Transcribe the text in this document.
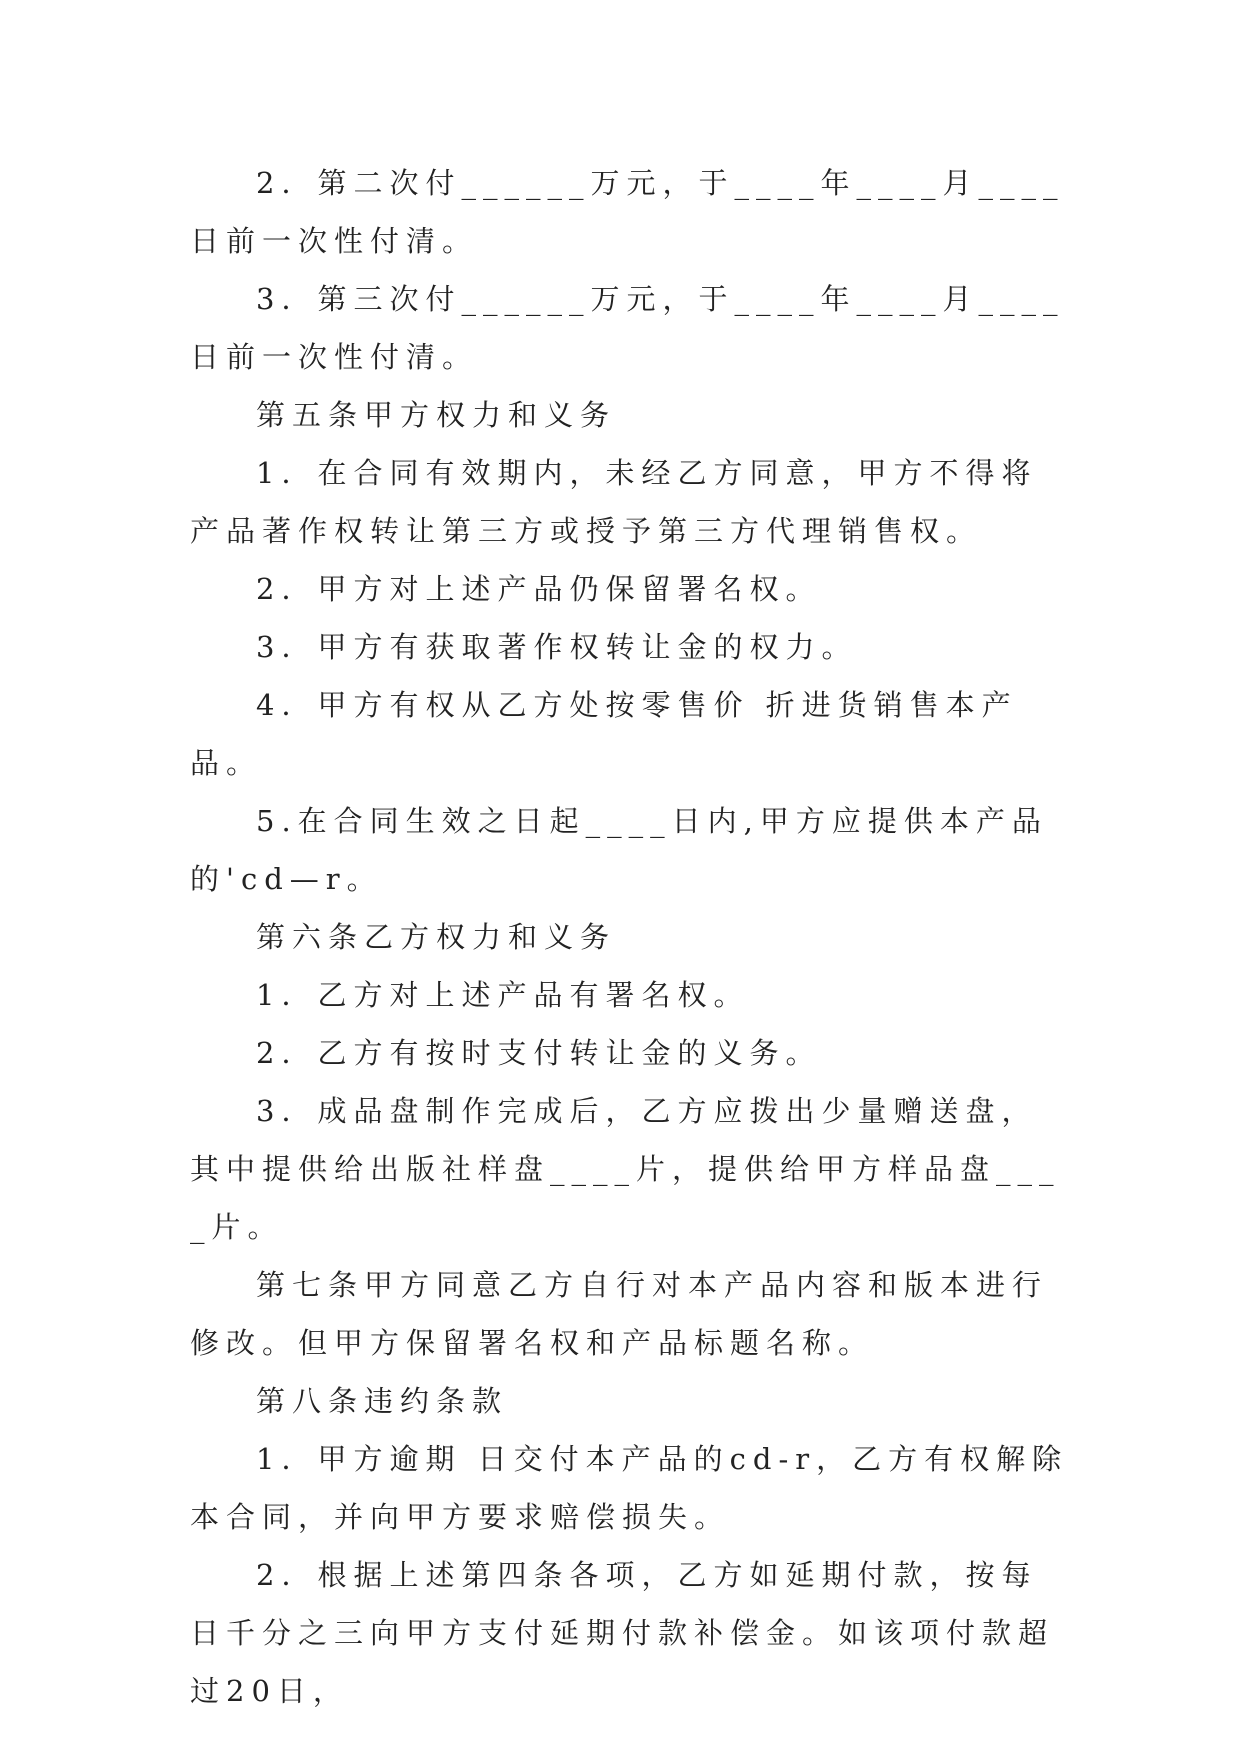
2．第二次付______万元，于____年____月____日前一次性付清。

3．第三次付______万元，于____年____月____日前一次性付清。

第五条甲方权力和义务

1．在合同有效期内，未经乙方同意，甲方不得将产品著作权转让第三方或授予第三方代理销售权。

2．甲方对上述产品仍保留署名权。

3．甲方有获取著作权转让金的权力。

4．甲方有权从乙方处按零售价 折进货销售本产品。

5.在合同生效之日起____日内,甲方应提供本产品的'cd—r。

第六条乙方权力和义务

1．乙方对上述产品有署名权。

2．乙方有按时支付转让金的义务。

3．成品盘制作完成后，乙方应拨出少量赠送盘，其中提供给出版社样盘____片，提供给甲方样品盘____片。

第七条甲方同意乙方自行对本产品内容和版本进行修改。但甲方保留署名权和产品标题名称。

第八条违约条款

1．甲方逾期 日交付本产品的cd-r，乙方有权解除本合同，并向甲方要求赔偿损失。

2．根据上述第四条各项，乙方如延期付款，按每日千分之三向甲方支付延期付款补偿金。如该项付款超过20日，
